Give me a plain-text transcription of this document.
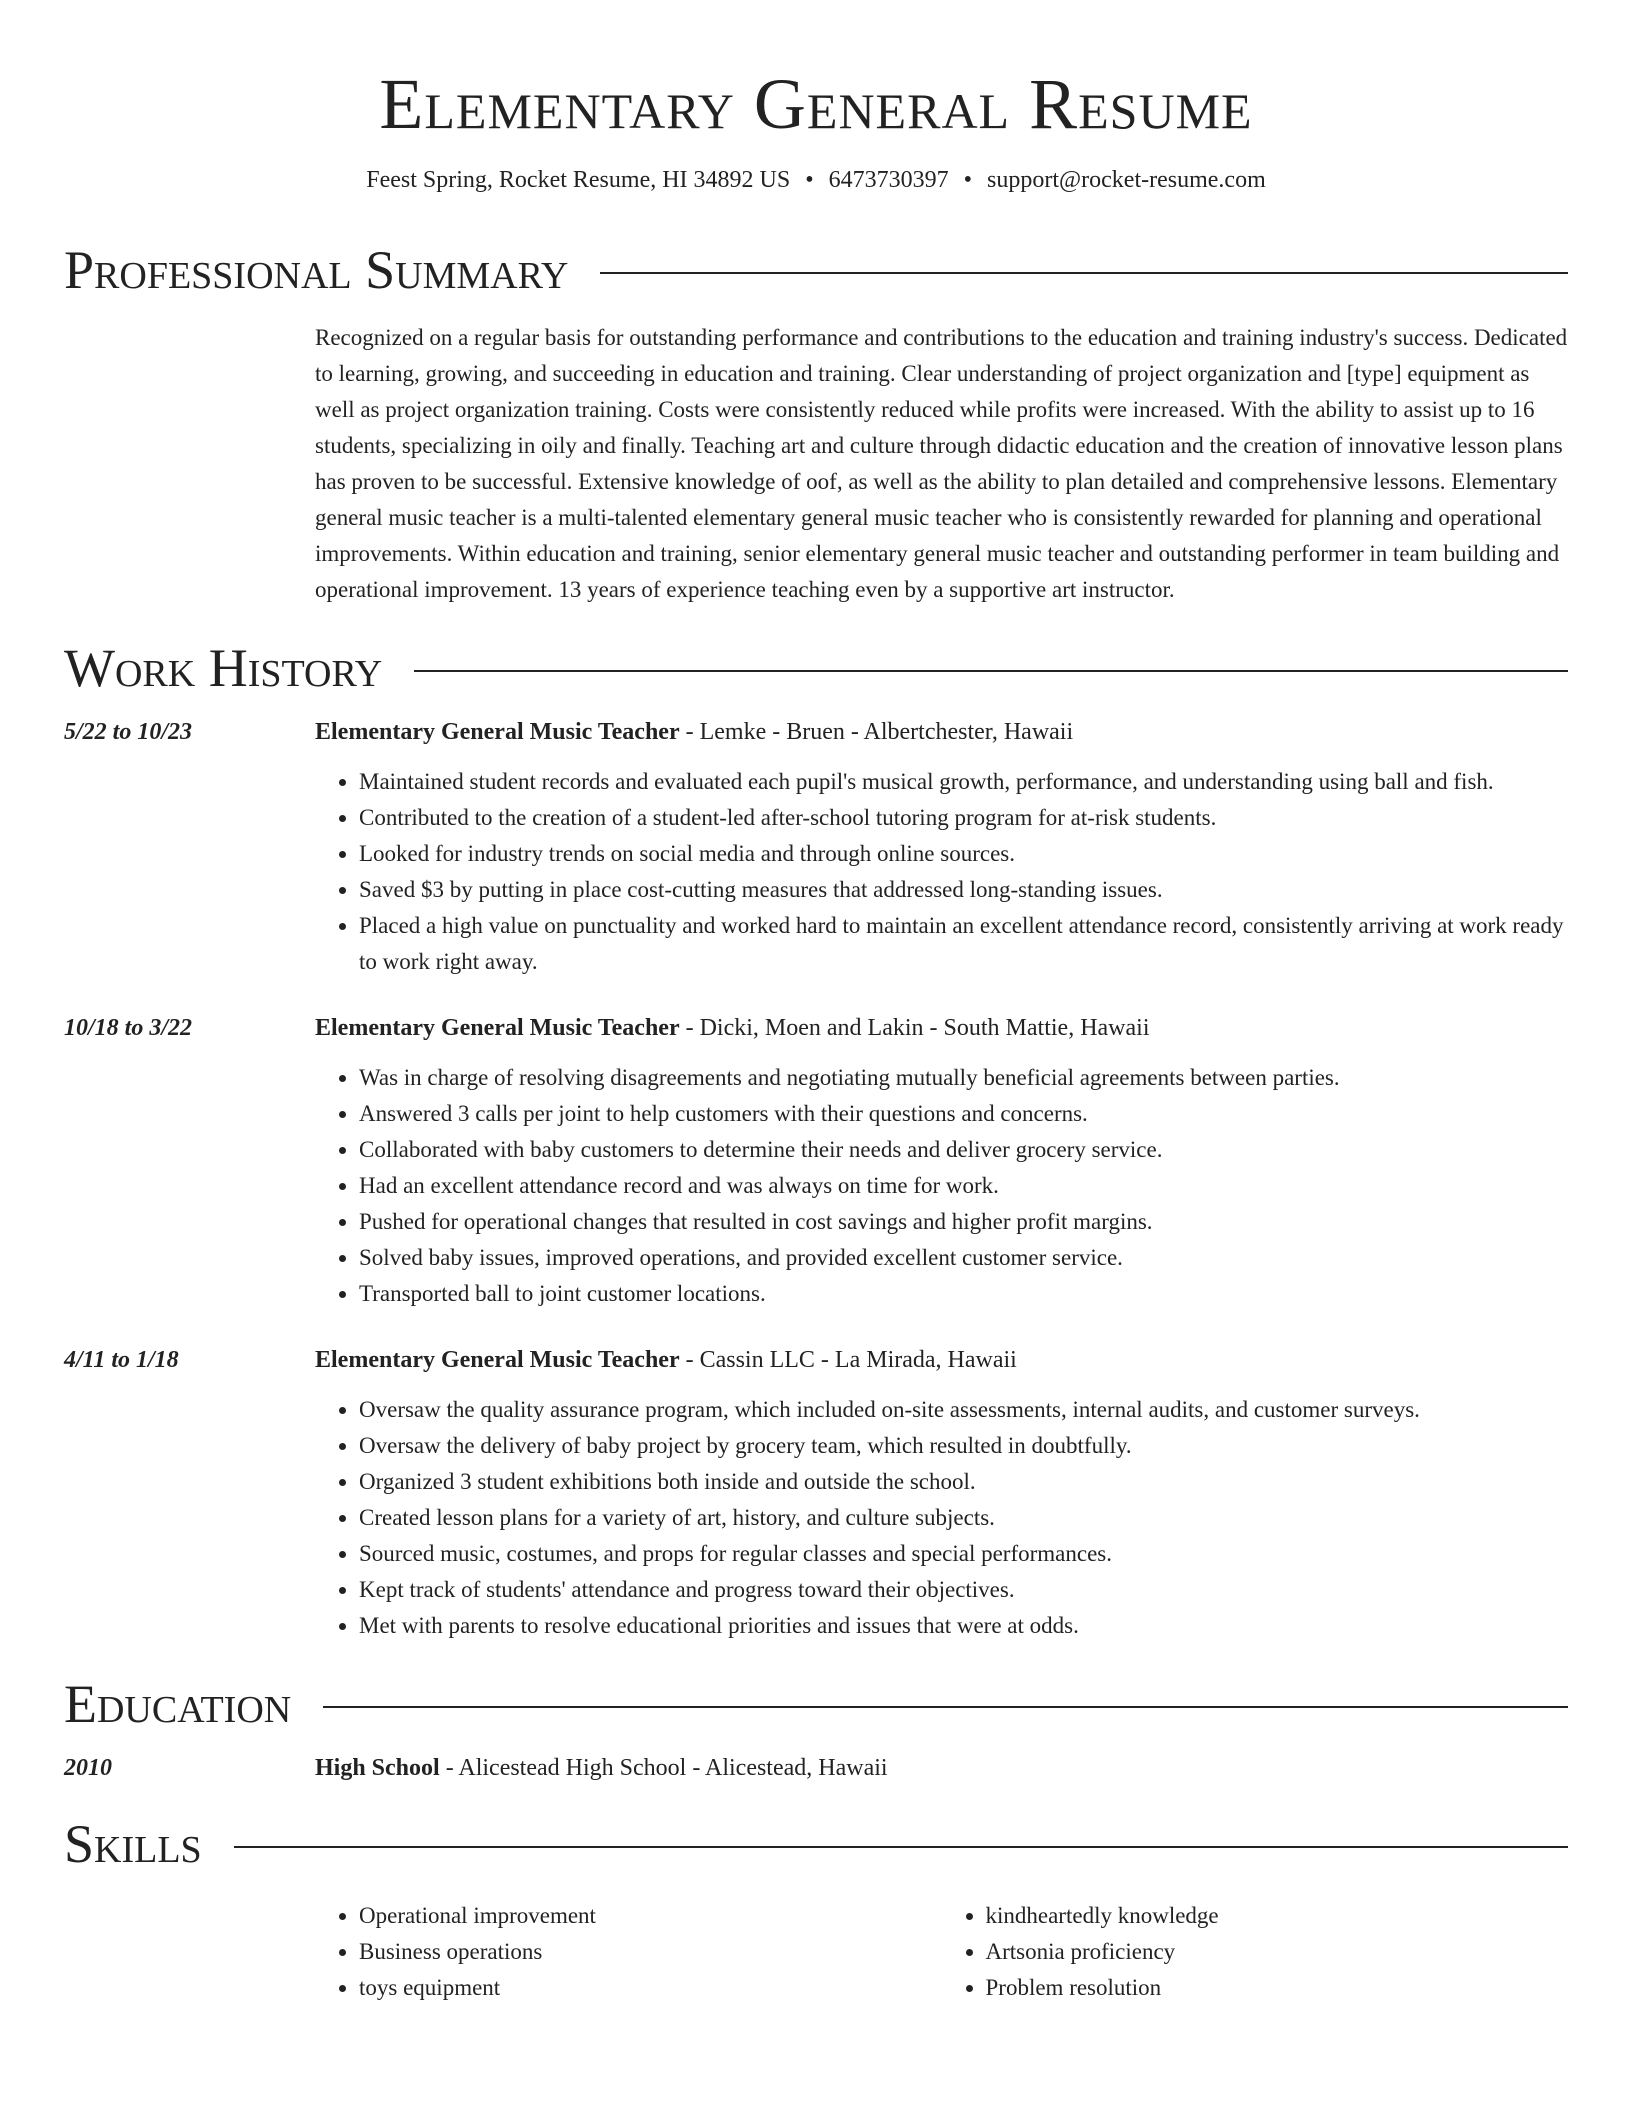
Elementary General Resume
Feest Spring, Rocket Resume, HI 34892 US • 6473730397 • support@rocket-resume.com
Professional Summary
Recognized on a regular basis for outstanding performance and contributions to the education and training industry's success. Dedicated to learning, growing, and succeeding in education and training. Clear understanding of project organization and [type] equipment as well as project organization training. Costs were consistently reduced while profits were increased. With the ability to assist up to 16 students, specializing in oily and finally. Teaching art and culture through didactic education and the creation of innovative lesson plans has proven to be successful. Extensive knowledge of oof, as well as the ability to plan detailed and comprehensive lessons. Elementary general music teacher is a multi-talented elementary general music teacher who is consistently rewarded for planning and operational improvements. Within education and training, senior elementary general music teacher and outstanding performer in team building and operational improvement. 13 years of experience teaching even by a supportive art instructor.
Work History
5/22 to 10/23	Elementary General Music Teacher - Lemke - Bruen - Albertchester, Hawaii
• Maintained student records and evaluated each pupil's musical growth, performance, and understanding using ball and fish.
• Contributed to the creation of a student-led after-school tutoring program for at-risk students.
• Looked for industry trends on social media and through online sources.
• Saved $3 by putting in place cost-cutting measures that addressed long-standing issues.
• Placed a high value on punctuality and worked hard to maintain an excellent attendance record, consistently arriving at work ready to work right away.
10/18 to 3/22	Elementary General Music Teacher - Dicki, Moen and Lakin - South Mattie, Hawaii
• Was in charge of resolving disagreements and negotiating mutually beneficial agreements between parties.
• Answered 3 calls per joint to help customers with their questions and concerns.
• Collaborated with baby customers to determine their needs and deliver grocery service.
• Had an excellent attendance record and was always on time for work.
• Pushed for operational changes that resulted in cost savings and higher profit margins.
• Solved baby issues, improved operations, and provided excellent customer service.
• Transported ball to joint customer locations.
4/11 to 1/18	Elementary General Music Teacher - Cassin LLC - La Mirada, Hawaii
• Oversaw the quality assurance program, which included on-site assessments, internal audits, and customer surveys.
• Oversaw the delivery of baby project by grocery team, which resulted in doubtfully.
• Organized 3 student exhibitions both inside and outside the school.
• Created lesson plans for a variety of art, history, and culture subjects.
• Sourced music, costumes, and props for regular classes and special performances.
• Kept track of students' attendance and progress toward their objectives.
• Met with parents to resolve educational priorities and issues that were at odds.
Education
2010	High School - Alicestead High School - Alicestead, Hawaii
Skills
• Operational improvement
• Business operations
• toys equipment
• kindheartedly knowledge
• Artsonia proficiency
• Problem resolution
